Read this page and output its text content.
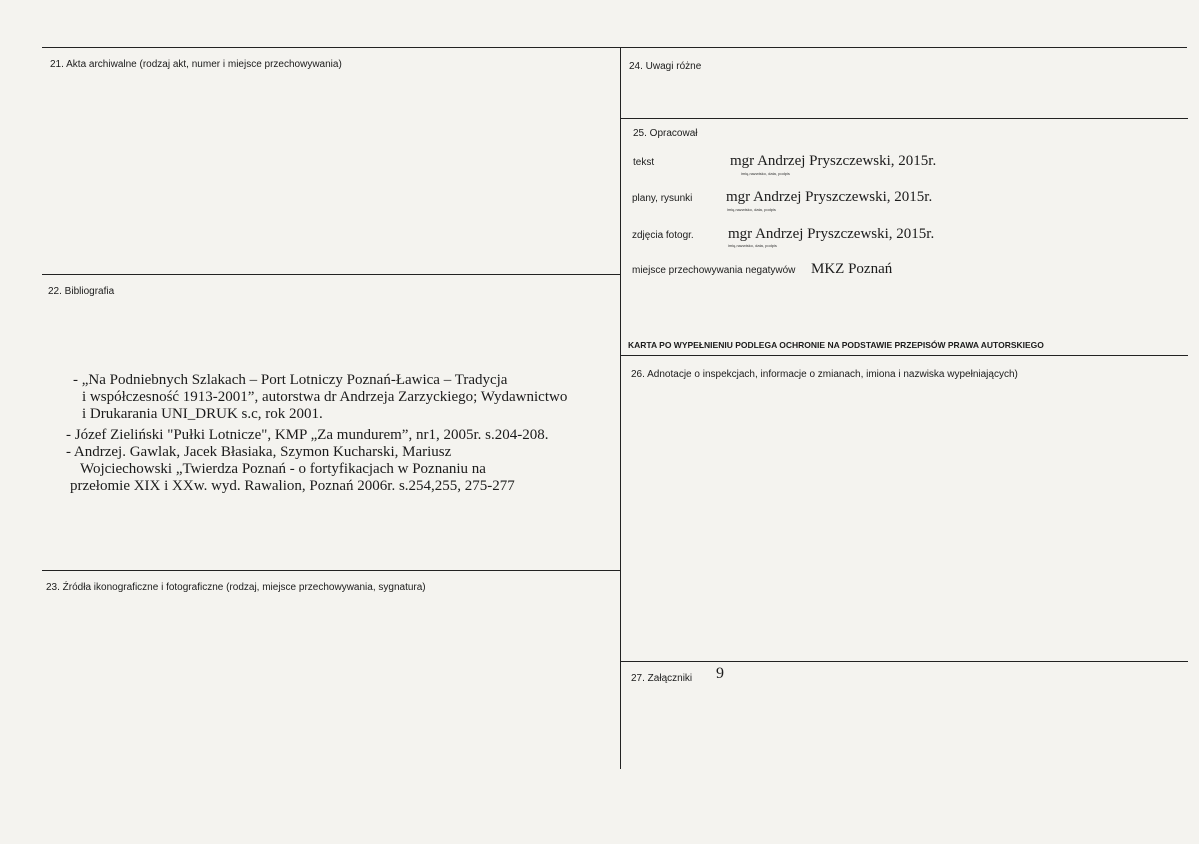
21. Akta archiwalne (rodzaj akt, numer i miejsce przechowywania)
22. Bibliografia
- „Na Podniebnych Szlakach – Port Lotniczy Poznań-Ławica – Tradycja
i współczesność 1913-2001”, autorstwa dr Andrzeja Zarzyckiego; Wydawnictwo
i Drukarania UNI_DRUK s.c, rok 2001.
- Józef Zieliński "Pułki Lotnicze", KMP „Za mundurem”, nr1, 2005r. s.204-208.
- Andrzej. Gawlak, Jacek Błasiaka, Szymon Kucharski, Mariusz
Wojciechowski „Twierdza Poznań - o fortyfikacjach w Poznaniu na
przełomie XIX i XXw. wyd. Rawalion, Poznań 2006r. s.254,255, 275-277
23. Źródła ikonograficzne i fotograficzne (rodzaj, miejsce przechowywania, sygnatura)
24. Uwagi różne
25. Opracował
tekst	mgr Andrzej Pryszczewski, 2015r.
imię,nazwisko, data, podpis
plany, rysunki mgr Andrzej Pryszczewski, 2015r.
imię,nazwisko, data, podpis
zdjęcia fotogr. mgr Andrzej Pryszczewski, 2015r.
imię,nazwisko, data, podpis
miejsce przechowywania negatywów MKZ Poznań
KARTA PO WYPEŁNIENIU PODLEGA OCHRONIE NA PODSTAWIE PRZEPISÓW PRAWA AUTORSKIEGO
26. Adnotacje o inspekcjach, informacje o zmianach, imiona i nazwiska wypełniających)
27. Załączniki 9
